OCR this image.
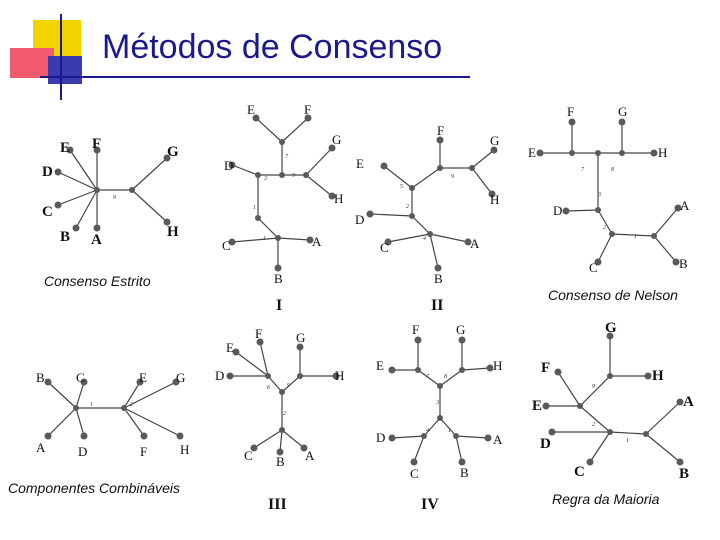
Métodos de Consenso
E F
D
C
B A
G
H
9
E	F
G
D
H
C	A
B
7
3	9
1
1
F
G
E
H
D
C	A
B
5
9
2
4
F	G
E	H
D	A
C	B
7	8
3
2
1
B C	E G
A	D	F	H
1	2
F
E
G
D	H
C B A
6	9
2
F	G
E	H
D	A
C	B
7	8
3
4	1
G
F	H
E	A
D
C	B
9
2
1
Consenso Estrito
Consenso de Nelson
Componentes Combináveis
Regra da Maioria
I	II
III	IV
